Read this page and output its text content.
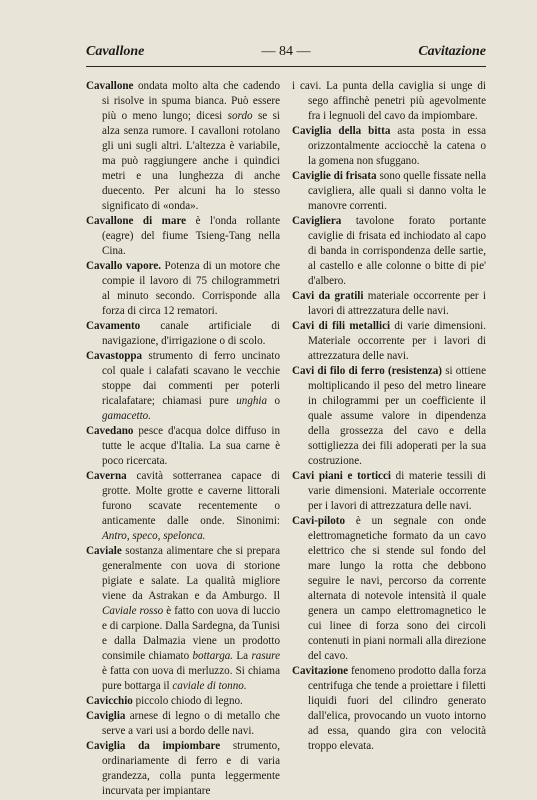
Cavallone	— 84 —	Cavitazione

Cavallone ondata molto alta che cadendo si risolve in spuma bianca. Può essere più o meno lungo; dicesi sordo se si alza senza rumore. I cavalloni rotolano gli uni sugli altri. L'altezza è variabile, ma può raggiungere anche i quindici metri e una lunghezza di anche duecento. Per alcuni ha lo stesso significato di «onda».

Cavallone di mare è l'onda rollante (eagre) del fiume Tsieng-Tang nella Cina.

Cavallo vapore. Potenza di un motore che compie il lavoro di 75 chilogrammetri al minuto secondo. Corrisponde alla forza di circa 12 rematori.

Cavamento canale artificiale di navigazione, d'irrigazione o di scolo.

Cavastoppa strumento di ferro uncinato col quale i calafati scavano le vecchie stoppe dai commenti per poterli ricalafatare; chiamasi pure unghia o gamacetto.

Cavedano pesce d'acqua dolce diffuso in tutte le acque d'Italia. La sua carne è poco ricercata.

Caverna cavità sotterranea capace di grotte. Molte grotte e caverne littorali furono scavate recentemente o anticamente dalle onde. Sinonimi: Antro, speco, spelonca.

Caviale sostanza alimentare che si prepara generalmente con uova di storione pigiate e salate. La qualità migliore viene da Astrakan e da Amburgo. Il Caviale rosso è fatto con uova di luccio e di carpione. Dalla Sardegna, da Tunisi e dalla Dalmazia viene un prodotto consimile chiamato bottarga. La rasure è fatta con uova di merluzzo. Si chiama pure bottarga il caviale di tonno.

Cavicchio piccolo chiodo di legno.

Caviglia arnese di legno o di metallo che serve a vari usi a bordo delle navi.

Caviglia da impiombare strumento, ordinariamente di ferro e di varia grandezza, colla punta leggermente incurvata per impiantare

i cavi. La punta della caviglia si unge di sego affinchè penetri più agevolmente fra i legnuoli del cavo da impiombare.

Caviglia della bitta asta posta in essa orizzontalmente acciocchè la catena o la gomena non sfuggano.

Caviglie di frisata sono quelle fissate nella cavigliera, alle quali si danno volta le manovre correnti.

Cavigliera tavolone forato portante caviglie di frisata ed inchiodato al capo di banda in corrispondenza delle sartie, al castello e alle colonne o bitte di pie' d'albero.

Cavi da gratili materiale occorrente per i lavori di attrezzatura delle navi.

Cavi di fili metallici di varie dimensioni. Materiale occorrente per i lavori di attrezzatura delle navi.

Cavi di filo di ferro (resistenza) si ottiene moltiplicando il peso del metro lineare in chilogrammi per un coefficiente il quale assume valore in dipendenza della grossezza del cavo e della sottigliezza dei fili adoperati per la sua costruzione.

Cavi piani e torticci di materie tessili di varie dimensioni. Materiale occorrente per i lavori di attrezzatura delle navi.

Cavi-piloto è un segnale con onde elettromagnetiche formato da un cavo elettrico che si stende sul fondo del mare lungo la rotta che debbono seguire le navi, percorso da corrente alternata di notevole intensità il quale genera un campo elettromagnetico le cui linee di forza sono dei circoli contenuti in piani normali alla direzione del cavo.

Cavitazione fenomeno prodotto dalla forza centrifuga che tende a proiettare i filetti liquidi fuori del cilindro generato dall'elica, provocando un vuoto intorno ad essa, quando gira con velocità troppo elevata.
